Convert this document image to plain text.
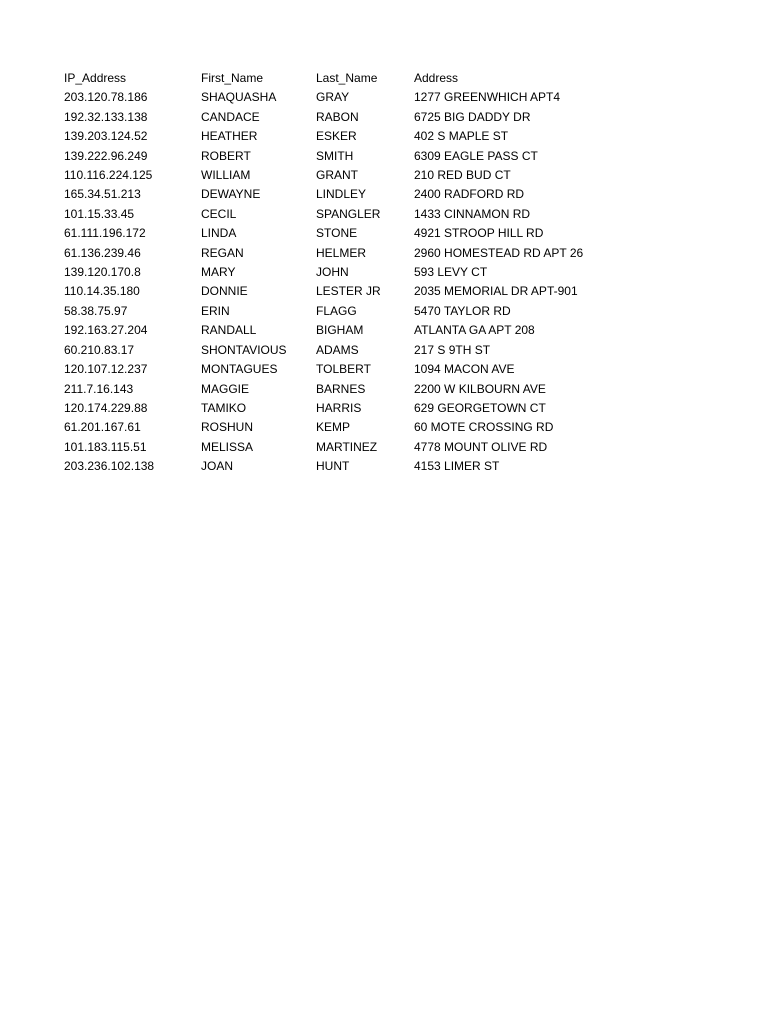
IP_Address	First_Name	Last_Name	Address
203.120.78.186	SHAQUASHA	GRAY	1277 GREENWHICH APT4
192.32.133.138	CANDACE	RABON	6725 BIG DADDY DR
139.203.124.52	HEATHER	ESKER	402 S MAPLE ST
139.222.96.249	ROBERT	SMITH	6309 EAGLE PASS CT
110.116.224.125	WILLIAM	GRANT	210 RED BUD CT
165.34.51.213	DEWAYNE	LINDLEY	2400 RADFORD RD
101.15.33.45	CECIL	SPANGLER	1433 CINNAMON RD
61.111.196.172	LINDA	STONE	4921 STROOP HILL RD
61.136.239.46	REGAN	HELMER	2960 HOMESTEAD RD APT 26
139.120.170.8	MARY	JOHN	593 LEVY CT
110.14.35.180	DONNIE	LESTER JR	2035 MEMORIAL DR APT-901
58.38.75.97	ERIN	FLAGG	5470 TAYLOR RD
192.163.27.204	RANDALL	BIGHAM	ATLANTA GA APT 208
60.210.83.17	SHONTAVIOUS	ADAMS	217 S 9TH ST
120.107.12.237	MONTAGUES	TOLBERT	1094 MACON AVE
211.7.16.143	MAGGIE	BARNES	2200 W KILBOURN AVE
120.174.229.88	TAMIKO	HARRIS	629 GEORGETOWN CT
61.201.167.61	ROSHUN	KEMP	60 MOTE CROSSING RD
101.183.115.51	MELISSA	MARTINEZ	4778 MOUNT OLIVE RD
203.236.102.138	JOAN	HUNT	4153 LIMER ST
